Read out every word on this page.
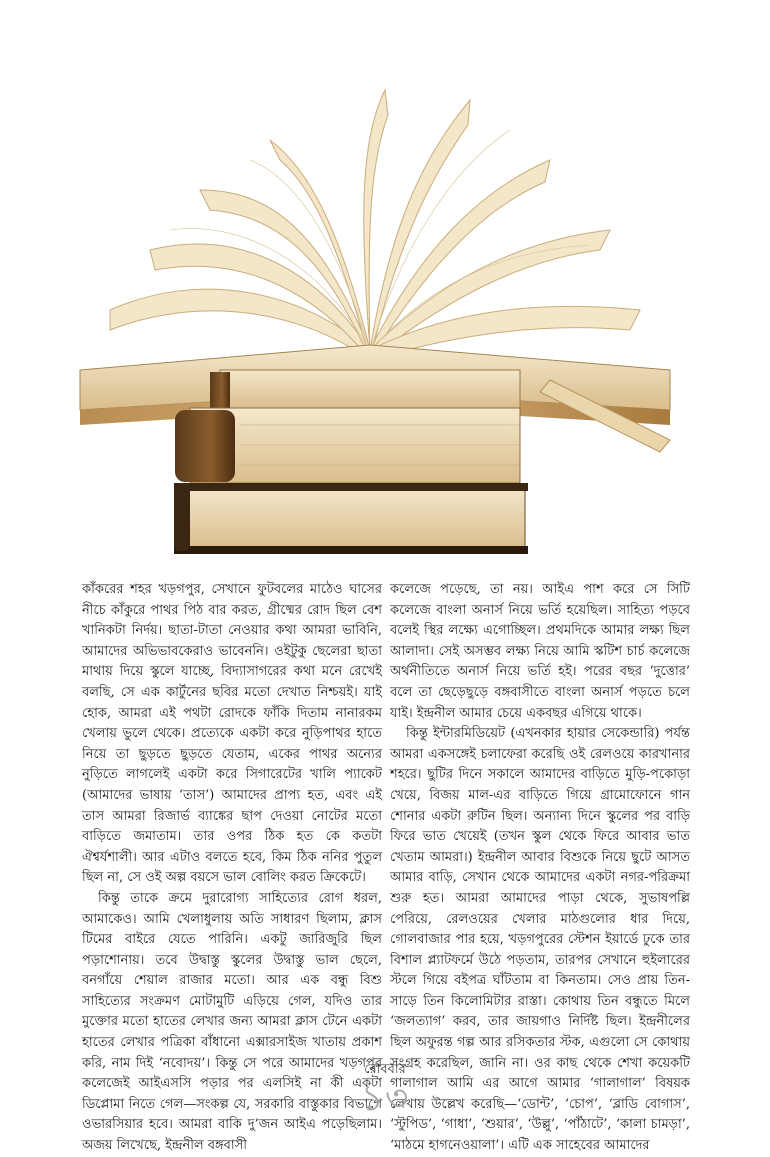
কাঁকরের শহর খড়গপুর, সেখানে ফুটবলের মাঠেও ঘাসের নীচে কাঁকুরে পাথর পিঠ বার করত, গ্রীষ্মের রোদ ছিল বেশ খানিকটা নির্দয়। ছাতা-টাতা নেওয়ার কথা আমরা ভাবিনি, আমাদের অভিভাবকেরাও ভাবেননি। ওইটুকু ছেলেরা ছাতা মাথায় দিয়ে স্কুলে যাচ্ছে, বিদ্যাসাগরের কথা মনে রেখেই বলছি, সে এক কার্টুনের ছবির মতো দেখাত নিশ্চয়ই। যাই হোক, আমরা এই পথটা রোদকে ফাঁকি দিতাম নানারকম খেলায় ভুলে থেকে। প্রত্যেকে একটা করে নুড়িপাথর হাতে নিয়ে তা ছুড়তে ছুড়তে যেতাম, একের পাথর অন্যের নুড়িতে লাগলেই একটা করে সিগারেটের খালি প্যাকেট (আমাদের ভাষায় ‘তাস’) আমাদের প্রাপ্য হত, এবং এই তাস আমরা রিজার্ভ ব্যাঙ্কের ছাপ দেওয়া নোটের মতো বাড়িতে জমাতাম। তার ওপর ঠিক হত কে কতটা ঐশ্বর্যশালী। আর এটাও বলতে হবে, কিম ঠিক ননির পুতুল ছিল না, সে ওই অল্প বয়সে ভাল বোলিং করত ক্রিকেটে।

কিন্তু তাকে ক্রমে দুরারোগ্য সাহিত্যের রোগ ধরল, আমাকেও। আমি খেলাধুলায় অতি সাধারণ ছিলাম, ক্লাস টিমের বাইরে যেতে পারিনি। একটু জারিজুরি ছিল পড়াশোনায়। তবে উদ্বাস্তু স্কুলের উদ্বাস্তু ভাল ছেলে, বনগাঁয়ে শেয়াল রাজার মতো। আর এক বন্ধু বিশু সাহিত্যের সংক্রমণ মোটামুটি এড়িয়ে গেল, যদিও তার মুক্তোর মতো হাতের লেখার জন্য আমরা ক্লাস টেনে একটা হাতের লেখার পত্রিকা বাঁধানো এক্সারসাইজ খাতায় প্রকাশ করি, নাম দিই ‘নবোদয়’। কিন্তু সে পরে আমাদের খড়গপুর কলেজেই আইএসসি পড়ার পর এলসিই না কী একটা ডিপ্লোমা নিতে গেল—সংকল্প যে, সরকারি বাস্তুকার বিভাগে ওভারসিয়ার হবে। আমরা বাকি দু’জন আইএ পড়েছিলাম। অজয় লিখেছে, ইন্দ্রনীল বঙ্গবাসী

কলেজে পড়েছে, তা নয়। আইএ পাশ করে সে সিটি কলেজে বাংলা অনার্স নিয়ে ভর্তি হয়েছিল। সাহিত্য পড়বে বলেই স্থির লক্ষ্যে এগোচ্ছিল। প্রথমদিকে আমার লক্ষ্য ছিল আলাদা। সেই অসম্ভব লক্ষ্য নিয়ে আমি স্কটিশ চার্চ কলেজে অর্থনীতিতে অনার্স নিয়ে ভর্তি হই। পরের বছর ‘দুত্তোর’ বলে তা ছেড়েছুড়ে বঙ্গবাসীতে বাংলা অনার্স পড়তে চলে যাই। ইন্দ্রনীল আমার চেয়ে একবছর এগিয়ে থাকে।

কিন্তু ইন্টারমিডিয়েট (এখনকার হায়ার সেকেন্ডারি) পর্যন্ত আমরা একসঙ্গেই চলাফেরা করেছি ওই রেলওয়ে কারখানার শহরে। ছুটির দিনে সকালে আমাদের বাড়িতে মুড়ি-পকোড়া খেয়ে, বিজয় মাল-এর বাড়িতে গিয়ে গ্রামোফোনে গান শোনার একটা রুটিন ছিল। অন্যান্য দিনে স্কুলের পর বাড়ি ফিরে ভাত খেয়েই (তখন স্কুল থেকে ফিরে আবার ভাত খেতাম আমরা।) ইন্দ্রনীল আবার বিশুকে নিয়ে ছুটে আসত আমার বাড়ি, সেখান থেকে আমাদের একটা নগর-পরিক্রমা শুরু হত। আমরা আমাদের পাড়া থেকে, সুভাষপল্লি পেরিয়ে, রেলওয়ের খেলার মাঠগুলোর ধার দিয়ে, গোলবাজার পার হয়ে, খড়গপুরের স্টেশন ইয়ার্ডে ঢুকে তার বিশাল প্ল্যাটফর্মে উঠে পড়তাম, তারপর সেখানে হুইলারের স্টলে গিয়ে বইপত্র ঘাঁটতাম বা কিনতাম। সেও প্রায় তিন-সাড়ে তিন কিলোমিটার রাস্তা। কোথায় তিন বন্ধুতে মিলে ‘জলত্যাগ’ করব, তার জায়গাও নির্দিষ্ট ছিল। ইন্দ্রনীলের ছিল অফুরন্ত গল্প আর রসিকতার স্টক, এগুলো সে কোথায় সংগ্রহ করেছিল, জানি না। ওর কাছ থেকে শেখা কয়েকটি গালাগাল আমি এর আগে আমার ‘গালাগাল’ বিষয়ক লেখায় উল্লেখ করেছি—‘ডোন্ট’, ‘চোপ’, ‘ব্লাডি বোগাস’, ‘স্টুপিড’, ‘গাধা’, ‘শুয়ার’, ‘উল্লু’, ‘পাঁঠাটে’, ‘কালা চামড়া’, ‘মাঠমে হাগনেওয়ালা’। এটি এক সাহেবের আমাদের

রোববার
১৩
